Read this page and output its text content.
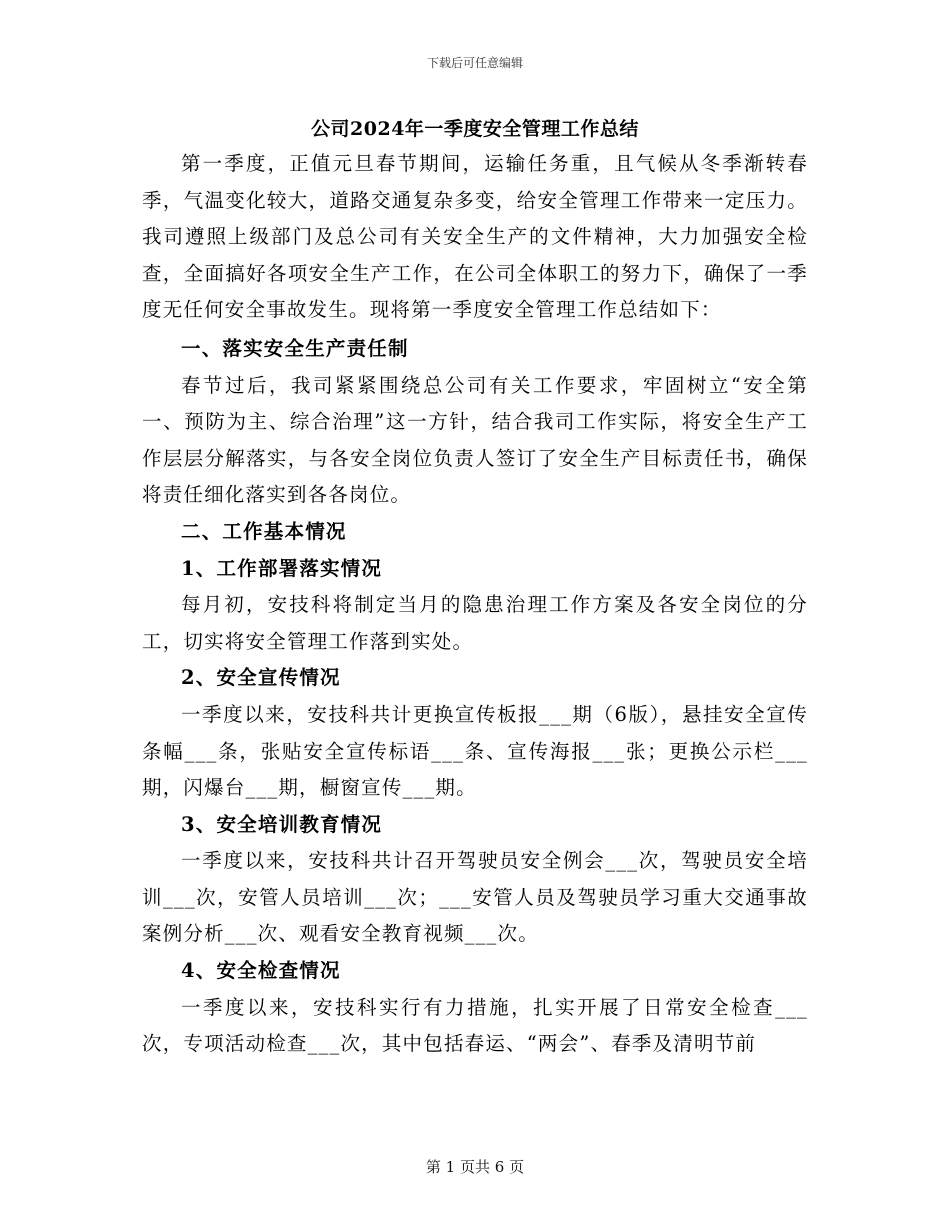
下载后可任意编辑
公司2024年一季度安全管理工作总结

第一季度，正值元旦春节期间，运输任务重，且气候从冬季渐转春季，气温变化较大，道路交通复杂多变，给安全管理工作带来一定压力。我司遵照上级部门及总公司有关安全生产的文件精神，大力加强安全检查，全面搞好各项安全生产工作，在公司全体职工的努力下，确保了一季度无任何安全事故发生。现将第一季度安全管理工作总结如下：

一、落实安全生产责任制

春节过后，我司紧紧围绕总公司有关工作要求，牢固树立“安全第一、预防为主、综合治理”这一方针，结合我司工作实际，将安全生产工作层层分解落实，与各安全岗位负责人签订了安全生产目标责任书，确保将责任细化落实到各各岗位。

二、工作基本情况

1、工作部署落实情况

每月初，安技科将制定当月的隐患治理工作方案及各安全岗位的分工，切实将安全管理工作落到实处。

2、安全宣传情况

一季度以来，安技科共计更换宣传板报___期（6版），悬挂安全宣传条幅___条，张贴安全宣传标语___条、宣传海报___张；更换公示栏___期，闪爆台___期，橱窗宣传___期。

3、安全培训教育情况

一季度以来，安技科共计召开驾驶员安全例会___次，驾驶员安全培训___次，安管人员培训___次；___安管人员及驾驶员学习重大交通事故案例分析___次、观看安全教育视频___次。

4、安全检查情况

一季度以来，安技科实行有力措施，扎实开展了日常安全检查___次，专项活动检查___次，其中包括春运、“两会”、春季及清明节前

第 1 页共 6 页
